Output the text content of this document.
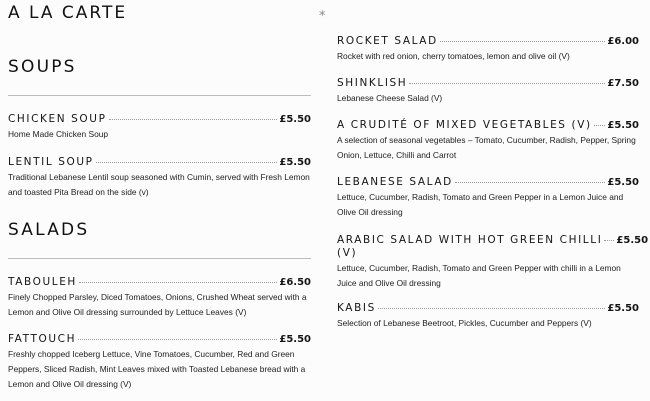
A LA CARTE	*
SOUPS
CHICKEN SOUP	£5.50
Home Made Chicken Soup
LENTIL SOUP	£5.50
Traditional Lebanese Lentil soup seasoned with Cumin, served with Fresh Lemon and toasted Pita Bread on the side (v)
SALADS
TABOULEH	£6.50
Finely Chopped Parsley, Diced Tomatoes, Onions, Crushed Wheat served with a Lemon and Olive Oil dressing surrounded by Lettuce Leaves (V)
FATTOUCH	£5.50
Freshly chopped Iceberg Lettuce, Vine Tomatoes, Cucumber, Red and Green Peppers, Sliced Radish, Mint Leaves mixed with Toasted Lebanese bread with a Lemon and Olive Oil dressing (V)
ROCKET SALAD	£6.00
Rocket with red onion, cherry tomatoes, lemon and olive oil (V)
SHINKLISH	£7.50
Lebanese Cheese Salad (V)
A CRUDITÉ OF MIXED VEGETABLES (V) £5.50
A selection of seasonal vegetables – Tomato, Cucumber, Radish, Pepper, Spring Onion, Lettuce, Chilli and Carrot
LEBANESE SALAD	£5.50
Lettuce, Cucumber, Radish, Tomato and Green Pepper in a Lemon Juice and Olive Oil dressing
ARABIC SALAD WITH HOT GREEN CHILLI £5.50
(V)
Lettuce, Cucumber, Radish, Tomato and Green Pepper with chilli in a Lemon Juice and Olive Oil dressing
KABIS	£5.50
Selection of Lebanese Beetroot, Pickles, Cucumber and Peppers (V)
